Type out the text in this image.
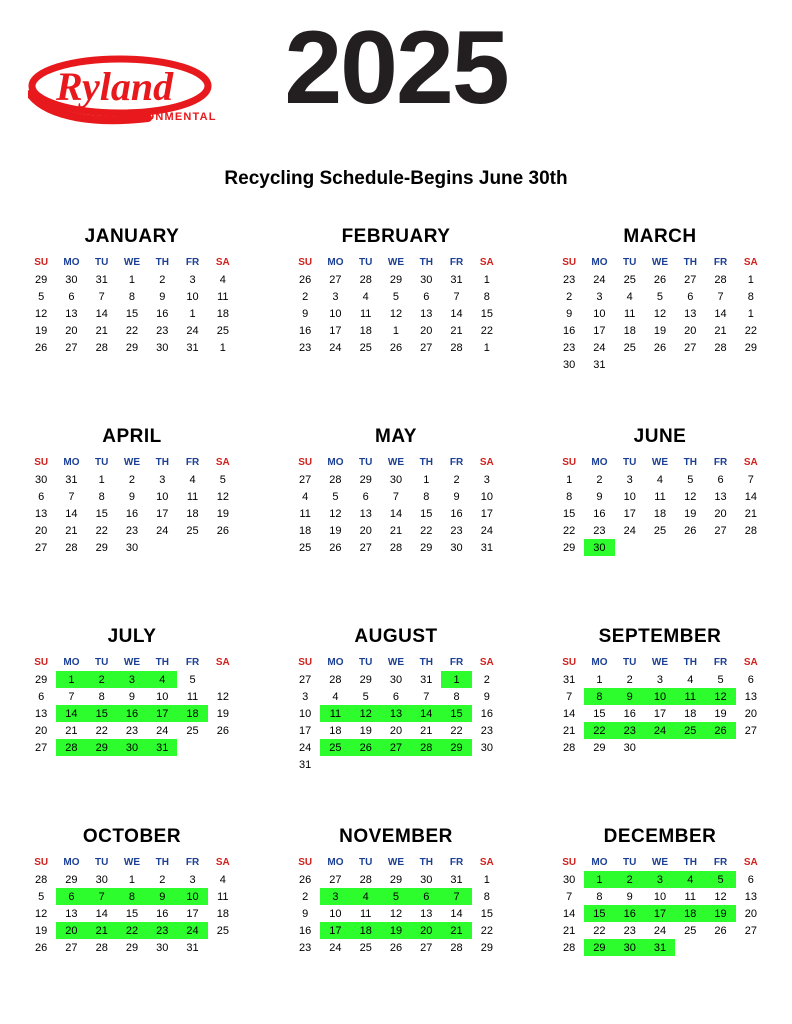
Ryland
ENVIRONMENTAL 2025
Recycling Schedule-Begins June 30th
JANUARY
SU	MO	TU	WE	TH	FR	SA
29	30	31	1	2	3	4
5	6	7	8	9	10	11
12	13	14	15	16	1	18
19	20	21	22	23	24	25
26	27	28	29	30	31	1
FEBRUARY
SU	MO	TU	WE	TH	FR	SA
26	27	28	29	30	31	1
2	3	4	5	6	7	8
9	10	11	12	13	14	15
16	17	18	1	20	21	22
23	24	25	26	27	28	1
MARCH
SU	MO	TU	WE	TH	FR	SA
23	24	25	26	27	28	1
2	3	4	5	6	7	8
9	10	11	12	13	14	1
16	17	18	19	20	21	22
23	24	25	26	27	28	29
30	31					
APRIL
SU	MO	TU	WE	TH	FR	SA
30	31	1	2	3	4	5
6	7	8	9	10	11	12
13	14	15	16	17	18	19
20	21	22	23	24	25	26
27	28	29	30			
MAY
SU	MO	TU	WE	TH	FR	SA
27	28	29	30	1	2	3
4	5	6	7	8	9	10
11	12	13	14	15	16	17
18	19	20	21	22	23	24
25	26	27	28	29	30	31
JUNE
SU	MO	TU	WE	TH	FR	SA
1	2	3	4	5	6	7
8	9	10	11	12	13	14
15	16	17	18	19	20	21
22	23	24	25	26	27	28
29	30					
JULY
SU	MO	TU	WE	TH	FR	SA
29	1	2	3	4	5	
6	7	8	9	10	11	12
13	14	15	16	17	18	19
20	21	22	23	24	25	26
27	28	29	30	31		
AUGUST
SU	MO	TU	WE	TH	FR	SA
27	28	29	30	31	1	2
3	4	5	6	7	8	9
10	11	12	13	14	15	16
17	18	19	20	21	22	23
24	25	26	27	28	29	30
31						
SEPTEMBER
SU	MO	TU	WE	TH	FR	SA
31	1	2	3	4	5	6
7	8	9	10	11	12	13
14	15	16	17	18	19	20
21	22	23	24	25	26	27
28	29	30				
OCTOBER
SU	MO	TU	WE	TH	FR	SA
28	29	30	1	2	3	4
5	6	7	8	9	10	11
12	13	14	15	16	17	18
19	20	21	22	23	24	25
26	27	28	29	30	31	
NOVEMBER
SU	MO	TU	WE	TH	FR	SA
26	27	28	29	30	31	1
2	3	4	5	6	7	8
9	10	11	12	13	14	15
16	17	18	19	20	21	22
23	24	25	26	27	28	29
DECEMBER
SU	MO	TU	WE	TH	FR	SA
30	1	2	3	4	5	6
7	8	9	10	11	12	13
14	15	16	17	18	19	20
21	22	23	24	25	26	27
28	29	30	31			
